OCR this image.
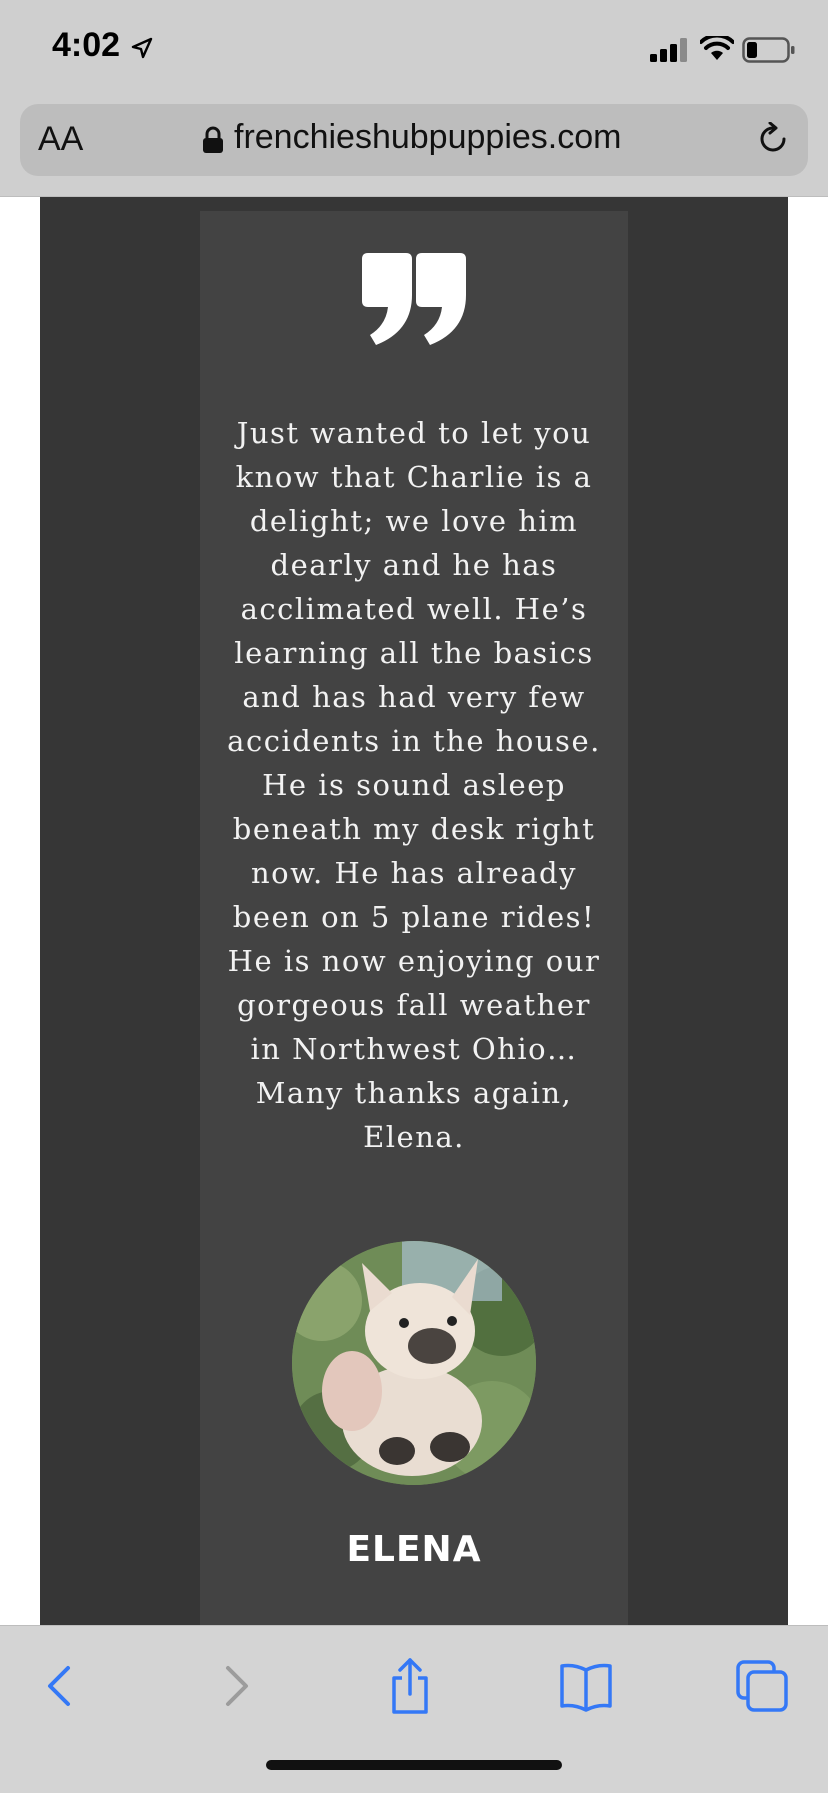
4:02
AA	frenchieshubpuppies.com
Just wanted to let you know that Charlie is a delight; we love him dearly and he has acclimated well. He’s learning all the basics and has had very few accidents in the house. He is sound asleep beneath my desk right now. He has already been on 5 plane rides! He is now enjoying our gorgeous fall weather in Northwest Ohio… Many thanks again, Elena.
ELENA
